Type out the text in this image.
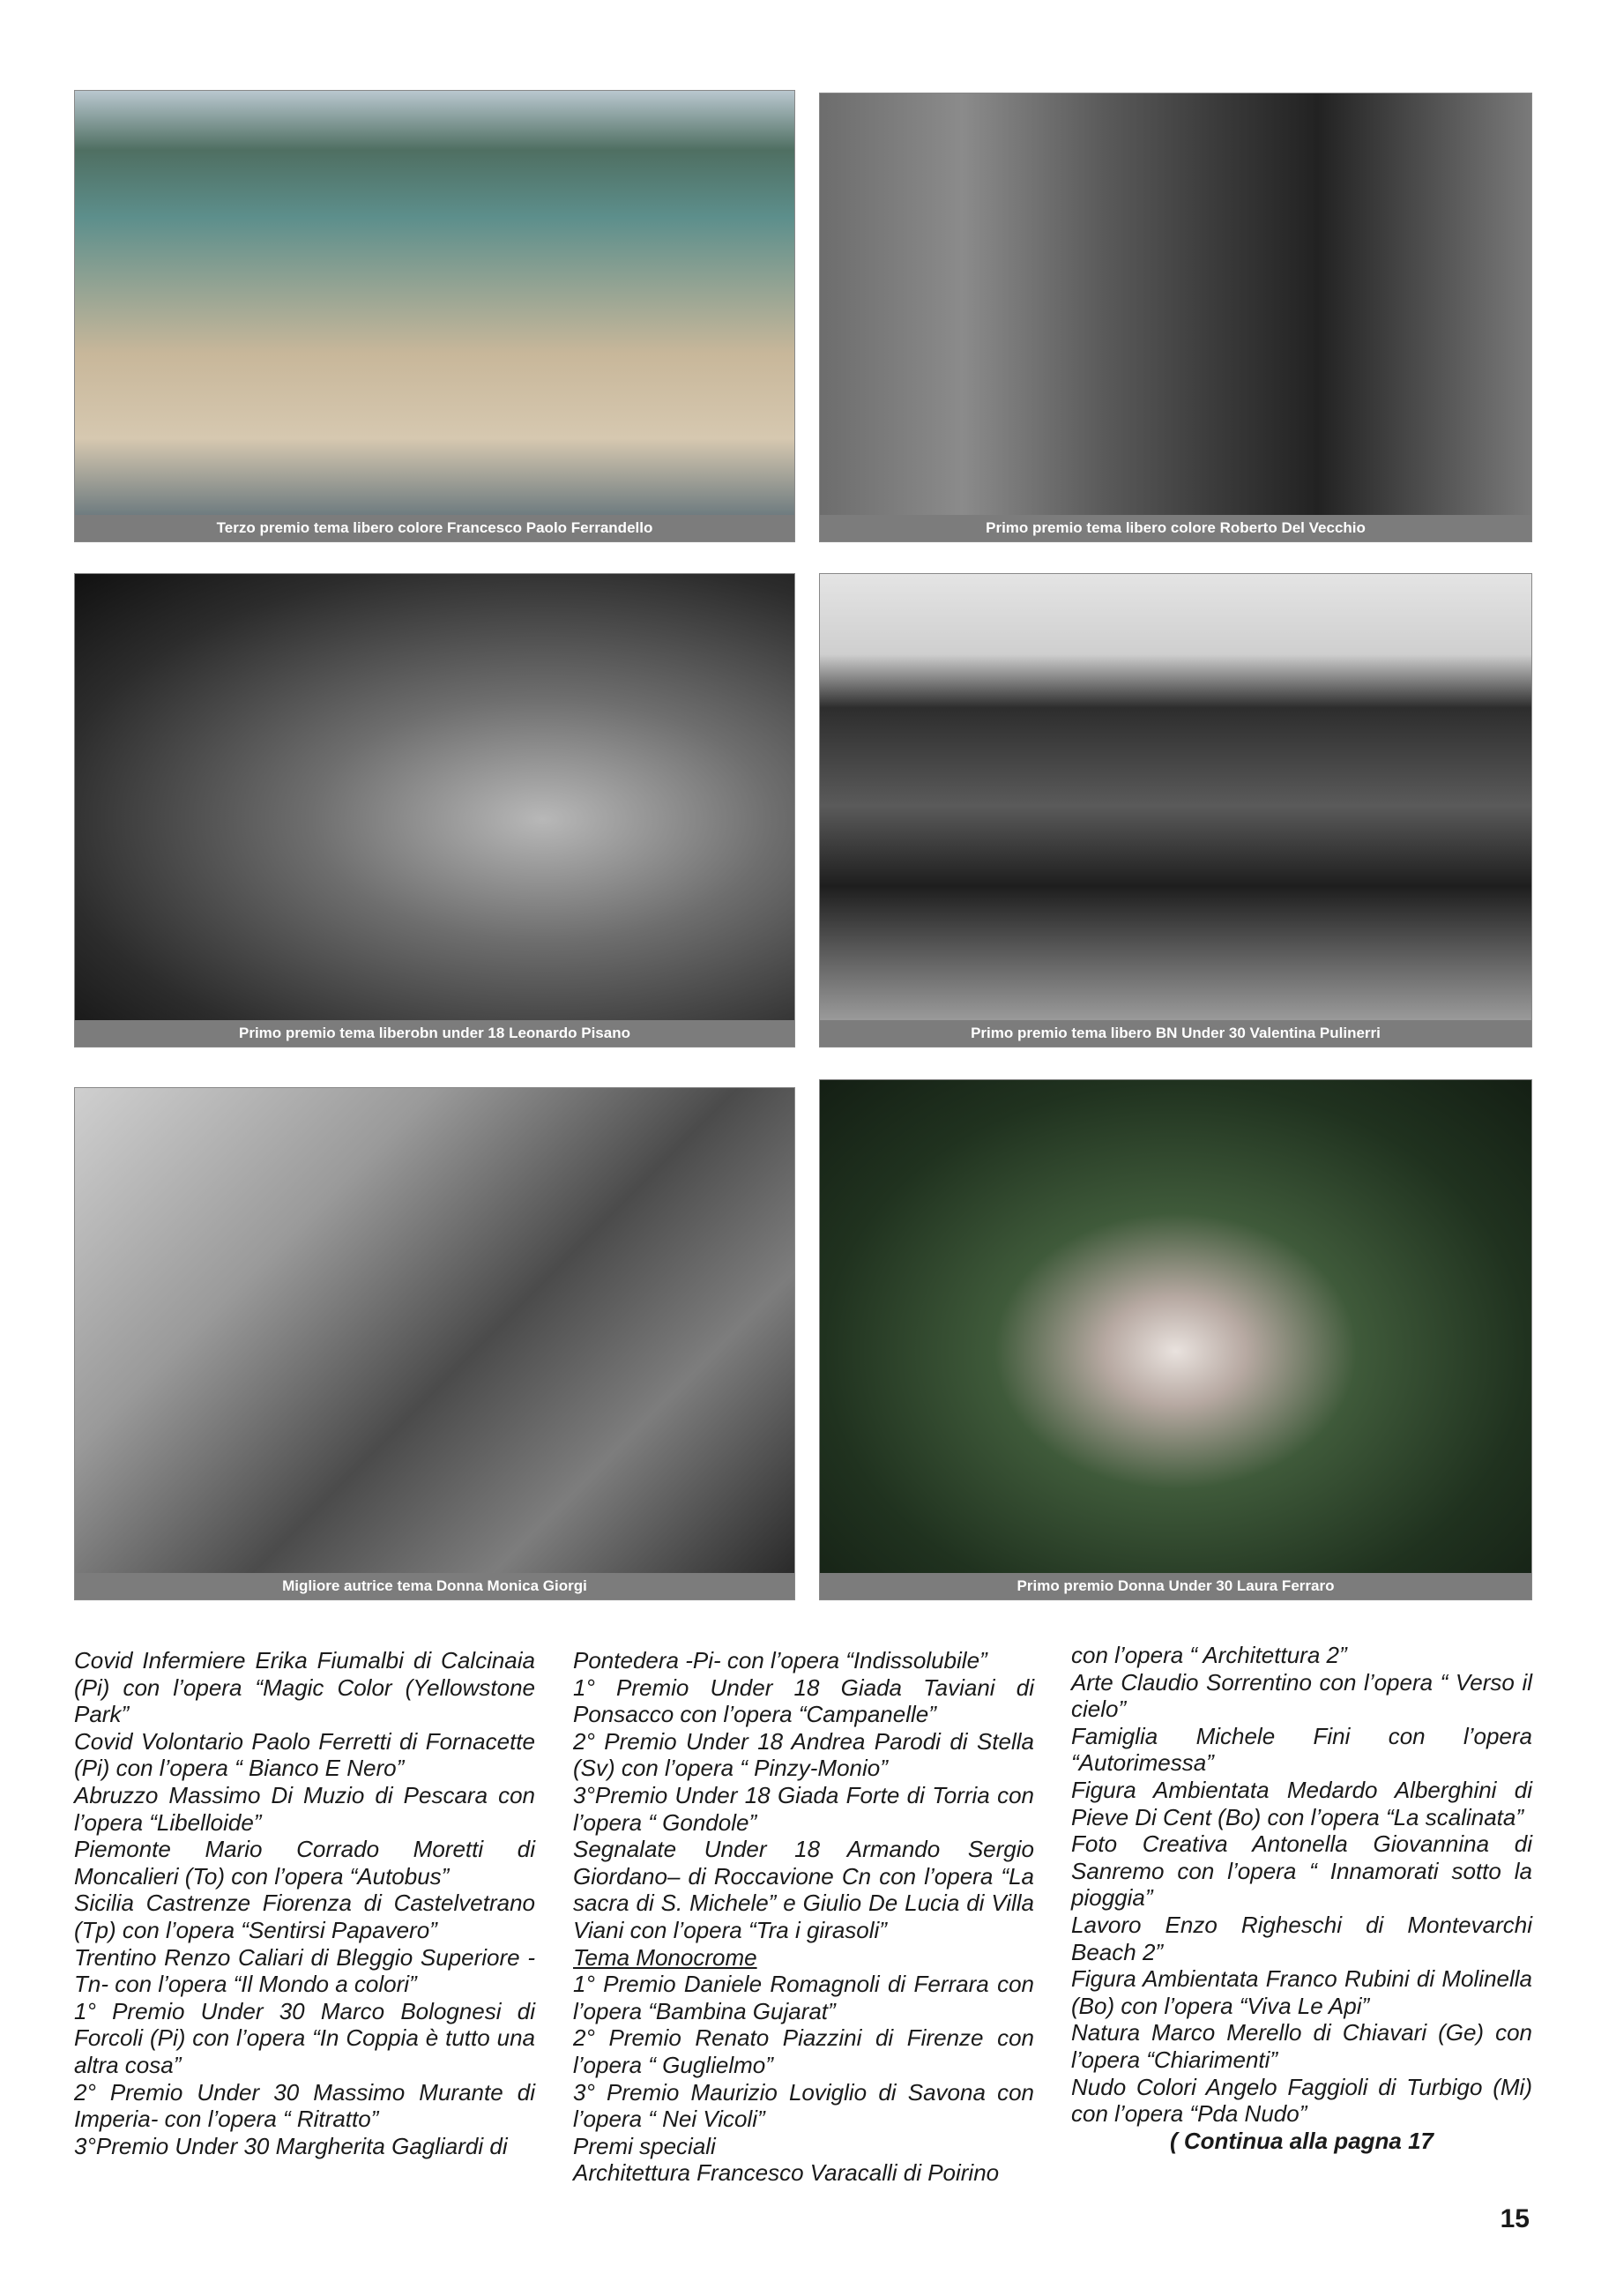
Terzo premio tema libero colore Francesco Paolo Ferrandello	Primo premio tema libero colore Roberto Del Vecchio
Primo premio tema liberobn under 18 Leonardo Pisano	Primo premio tema libero BN Under 30 Valentina Pulinerri
Migliore autrice tema Donna Monica Giorgi	Primo premio Donna Under 30 Laura Ferraro
Covid Infermiere Erika Fiumalbi di Calcinaia (Pi) con l’opera “Magic Color (Yellowstone Park”
Covid Volontario Paolo Ferretti di Fornacette (Pi) con l’opera “ Bianco E Nero”
Abruzzo Massimo Di Muzio di Pescara con l’opera “Libelloide”
Piemonte Mario Corrado Moretti di Moncalieri (To) con l’opera “Autobus”
Sicilia Castrenze Fiorenza di Castelvetrano (Tp) con l’opera “Sentirsi Papavero”
Trentino Renzo Caliari di Bleggio Superiore -Tn- con l’opera “Il Mondo a colori”
1° Premio Under 30 Marco Bolognesi di Forcoli (Pi) con l’opera “In Coppia è tutto una altra cosa”
2° Premio Under 30 Massimo Murante di Imperia- con l’opera “ Ritratto”
3°Premio Under 30 Margherita Gagliardi di
Pontedera -Pi- con l’opera “Indissolubile”
1° Premio Under 18 Giada Taviani di Ponsacco con l’opera “Campanelle”
2° Premio Under 18 Andrea Parodi di Stella (Sv) con l’opera “ Pinzy-Monio”
3°Premio Under 18 Giada Forte di Torria con l’opera “ Gondole”
Segnalate Under 18 Armando Sergio Giordano– di Roccavione Cn con l’opera “La sacra di S. Michele” e Giulio De Lucia di Villa Viani con l’opera “Tra i girasoli”
Tema Monocrome
1° Premio Daniele Romagnoli di Ferrara con l’opera “Bambina Gujarat”
2° Premio Renato Piazzini di Firenze con l’opera “ Guglielmo”
3° Premio Maurizio Loviglio di Savona con l’opera “ Nei Vicoli”
Premi speciali
Architettura Francesco Varacalli di Poirino
con l’opera “ Architettura 2”
Arte Claudio Sorrentino con l’opera “ Verso il cielo”
Famiglia Michele Fini con l’opera “Autorimessa”
Figura Ambientata Medardo Alberghini di Pieve Di Cent (Bo) con l’opera “La scalinata”
Foto Creativa Antonella Giovannina di Sanremo con l’opera “ Innamorati sotto la pioggia”
Lavoro Enzo Righeschi di Montevarchi Beach 2”
Figura Ambientata Franco Rubini di Molinella (Bo) con l’opera “Viva Le Api”
Natura Marco Merello di Chiavari (Ge) con l’opera “Chiarimenti”
Nudo Colori Angelo Faggioli di Turbigo (Mi) con l’opera “Pda Nudo”
( Continua alla pagna 17
15
